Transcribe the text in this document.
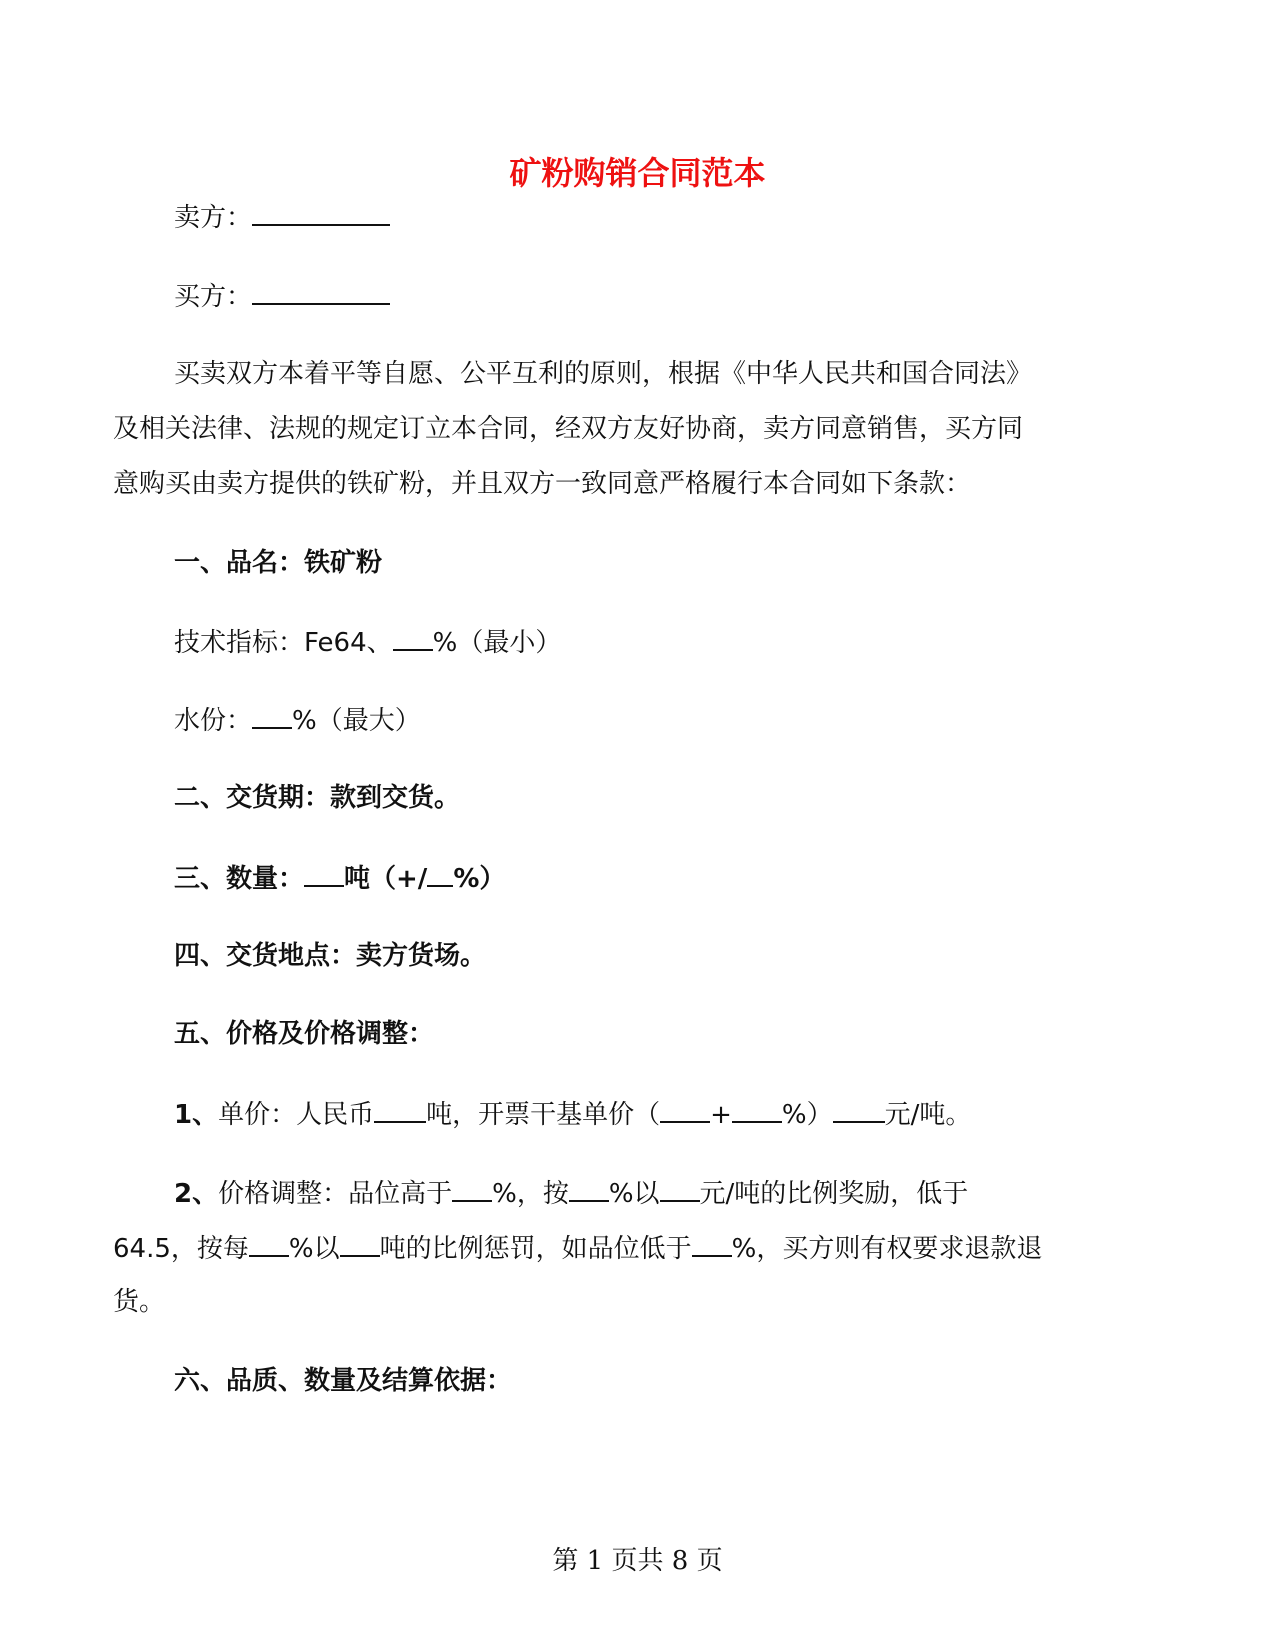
矿粉购销合同范本
卖方：
买方：
买卖双方本着平等自愿、公平互利的原则，根据《中华人民共和国合同法》
及相关法律、法规的规定订立本合同，经双方友好协商，卖方同意销售，买方同
意购买由卖方提供的铁矿粉，并且双方一致同意严格履行本合同如下条款：
一、品名：铁矿粉
技术指标：Fe64、 %（最小）
水份： %（最大）
二、交货期：款到交货。
三、数量： 吨（+/ %）
四、交货地点：卖方货场。
五、价格及价格调整：
1、单价：人民币 吨，开票干基单价（ + %） 元/吨。
2、价格调整：品位高于 %，按 %以 元/吨的比例奖励，低于
64.5，按每 %以 吨的比例惩罚，如品位低于 %，买方则有权要求退款退
货。
六、品质、数量及结算依据：
第 1 页共 8 页
